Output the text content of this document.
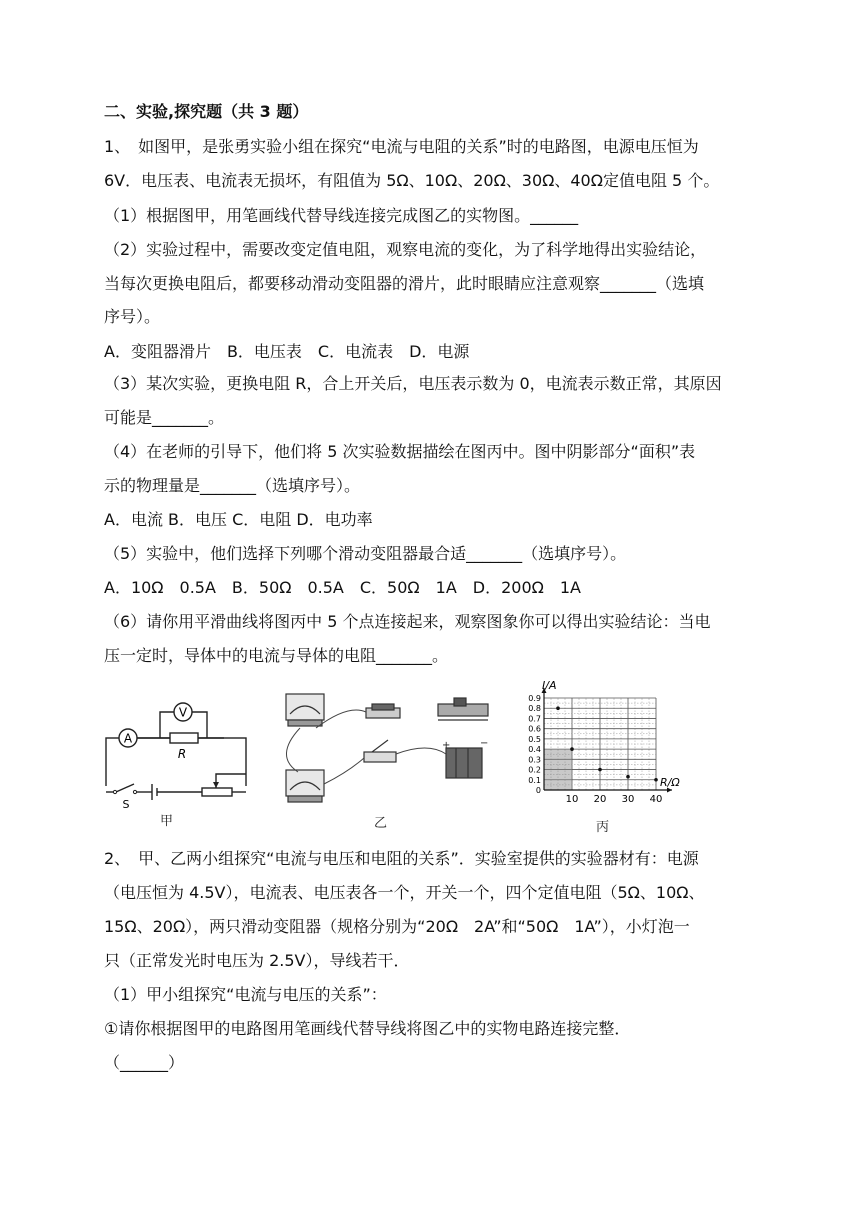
二、实验,探究题（共 3 题）
1、　如图甲，是张勇实验小组在探究“电流与电阻的关系”时的电路图，电源电压恒为
6V．电压表、电流表无损坏，有阻值为 5Ω、10Ω、20Ω、30Ω、40Ω定值电阻 5 个。
（1）根据图甲，用笔画线代替导线连接完成图乙的实物图。______
（2）实验过程中，需要改变定值电阻，观察电流的变化，为了科学地得出实验结论，
当每次更换电阻后，都要移动滑动变阻器的滑片，此时眼睛应注意观察_______（选填
序号）。
A．变阻器滑片　B．电压表　C．电流表　D．电源
（3）某次实验，更换电阻 R，合上开关后，电压表示数为 0，电流表示数正常，其原因
可能是_______。
（4）在老师的引导下，他们将 5 次实验数据描绘在图丙中。图中阴影部分“面积”表
示的物理量是_______（选填序号）。
A．电流 B．电压 C．电阻 D．电功率
（5）实验中，他们选择下列哪个滑动变阻器最合适_______（选填序号）。
A．10Ω　0.5A　B．50Ω　0.5A　C．50Ω　1A　D．200Ω　1A
（6）请你用平滑曲线将图丙中 5 个点连接起来，观察图象你可以得出实验结论：当电
压一定时，导体中的电流与导体的电阻_______。
A
V
R
S
甲
+	−
乙
0
0.1
0.2
0.3
0.4
0.5
0.6
0.7
0.8
0.9
10 20 30 40
I/A
R/Ω
丙
2、　甲、乙两小组探究“电流与电压和电阻的关系”．实验室提供的实验器材有：电源
（电压恒为 4.5V），电流表、电压表各一个，开关一个，四个定值电阻（5Ω、10Ω、
15Ω、20Ω），两只滑动变阻器（规格分别为“20Ω　2A”和“50Ω　1A”），小灯泡一
只（正常发光时电压为 2.5V），导线若干．
（1）甲小组探究“电流与电压的关系”：
①请你根据图甲的电路图用笔画线代替导线将图乙中的实物电路连接完整．
（______）
